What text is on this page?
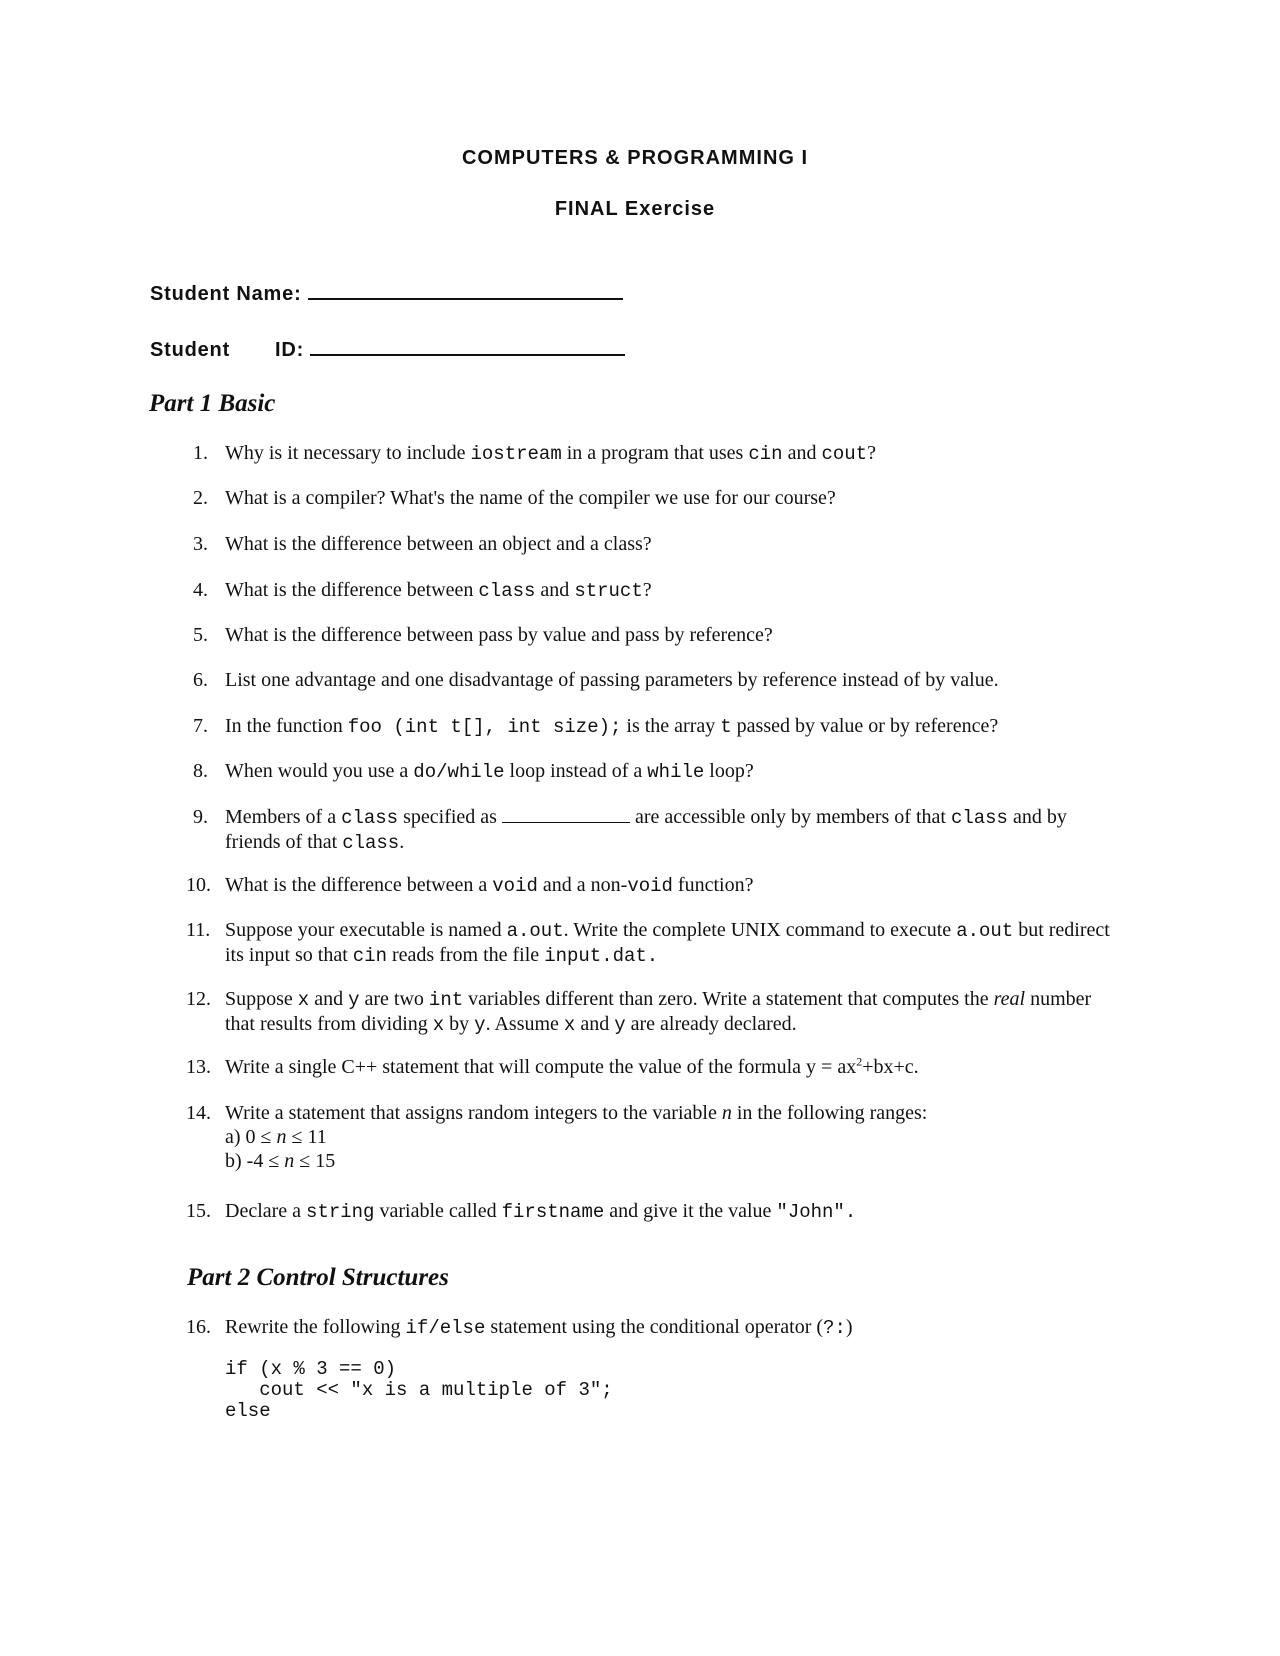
COMPUTERS & PROGRAMMING I
FINAL Exercise
Student Name:
Student ID:
Part 1 Basic
1. Why is it necessary to include iostream in a program that uses cin and cout?
2. What is a compiler? What's the name of the compiler we use for our course?
3. What is the difference between an object and a class?
4. What is the difference between class and struct?
5. What is the difference between pass by value and pass by reference?
6. List one advantage and one disadvantage of passing parameters by reference instead of by value.
7. In the function foo (int t[], int size); is the array t passed by value or by reference?
8. When would you use a do/while loop instead of a while loop?
9. Members of a class specified as	are accessible only by members of that class and by friends of that class.
10. What is the difference between a void and a non-void function?
11. Suppose your executable is named a.out. Write the complete UNIX command to execute a.out but redirect its input so that cin reads from the file input.dat.
12. Suppose x and y are two int variables different than zero. Write a statement that computes the real number that results from dividing x by y. Assume x and y are already declared.
13. Write a single C++ statement that will compute the value of the formula $y = ax^2+bx+c$.
14. Write a statement that assigns random integers to the variable n in the following ranges:
a) 0 ≤ n ≤ 11
b) -4 ≤ n ≤ 15
15. Declare a string variable called firstname and give it the value "John".
Part 2 Control Structures
16. Rewrite the following if/else statement using the conditional operator (?:)
if (x % 3 == 0)
cout << "x is a multiple of 3";
else
